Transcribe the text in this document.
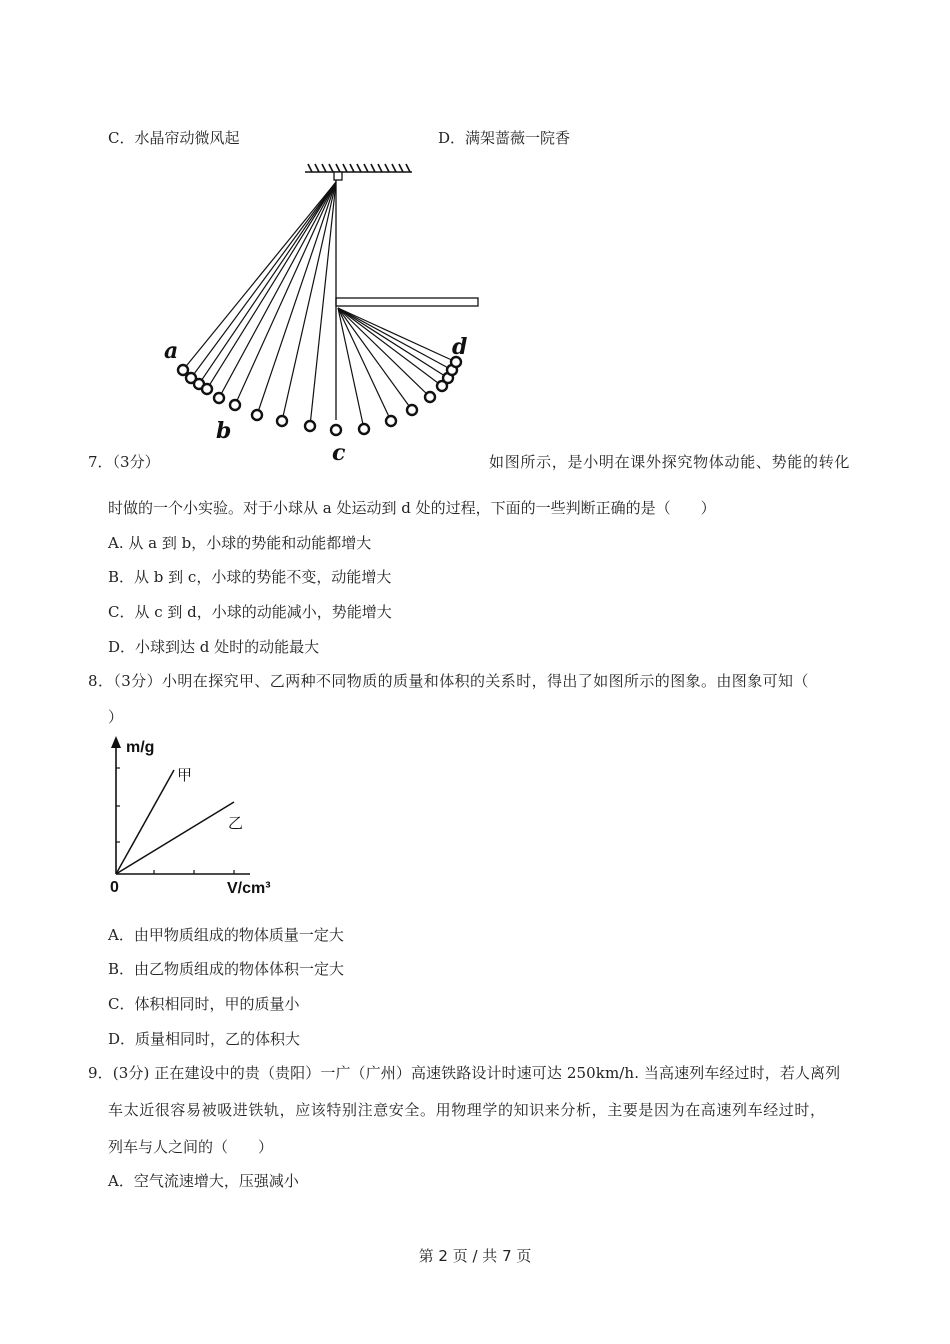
C．水晶帘动微风起	D．满架蔷薇一院香
a
b
c
d
7．（3分）	如图所示，是小明在课外探究物体动能、势能的转化
时做的一个小实验。对于小球从 a 处运动到 d 处的过程，下面的一些判断正确的是（　　）
A. 从 a 到 b，小球的势能和动能都增大
B．从 b 到 c，小球的势能不变，动能增大
C．从 c 到 d，小球的动能减小，势能增大
D．小球到达 d 处时的动能最大
8．（3分）小明在探究甲、乙两种不同物质的质量和体积的关系时，得出了如图所示的图象。由图象可知（
）
m/g
V/cm³
0
甲
乙
A．由甲物质组成的物体质量一定大
B．由乙物质组成的物体体积一定大
C．体积相同时，甲的质量小
D．质量相同时，乙的体积大
9．(3分) 正在建设中的贵（贵阳）一广（广州）高速铁路设计时速可达 250km/h. 当高速列车经过时，若人离列
车太近很容易被吸进铁轨，应该特别注意安全。用物理学的知识来分析，主要是因为在高速列车经过时，
列车与人之间的（　　）
A．空气流速增大，压强减小
第 2 页 / 共 7 页
